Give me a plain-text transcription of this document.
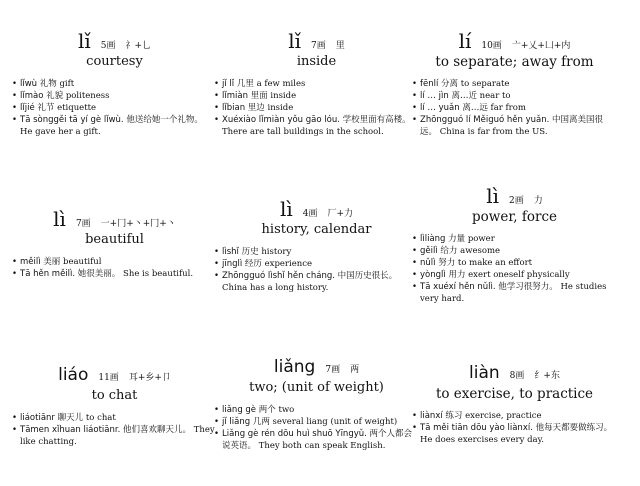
lǐ 5画 礻+乚
courtesy
• lǐwù 礼物 gift
• lǐmào 礼貌 politeness
• lǐjié 礼节 etiquette
• Tā sònggěi tā yí gè lǐwù. 他送给她一个礼物。 He gave her a gift.
lǐ 7画 里
inside
• jǐ lǐ 几里 a few miles
• lǐmiàn 里面 inside
• lǐbian 里边 inside
• Xuéxiào lǐmiàn yǒu gāo lóu. 学校里面有高楼。 There are tall buildings in the school.
lí 10画 亠+乂+凵+内
to separate; away from
• fēnlí 分离 to separate
• lí … jìn 离…近 near to
• lí … yuǎn 离…远 far from
• Zhōngguó lí Měiguó hěn yuǎn. 中国离美国很远。 China is far from the US.
lì 7画 一+冂+丶+冂+丶
beautiful
• měilì 美丽 beautiful
• Tā hěn měilì. 她很美丽。 She is beautiful.
lì 4画 厂+力
history, calendar
• lìshǐ 历史 history
• jīnglì 经历 experience
• Zhōngguó lìshǐ hěn cháng. 中国历史很长。 China has a long history.
lì 2画 力
power, force
• lìliàng 力量 power
• gěilì 给力 awesome
• nǔlì 努力 to make an effort
• yònglì 用力 exert oneself physically
• Tā xuéxí hěn nǔlì. 他学习很努力。 He studies very hard.
liáo 11画 耳+乡+卩
to chat
• liáotiānr 聊天儿 to chat
• Tāmen xǐhuan liáotiānr. 他们喜欢聊天儿。 They like chatting.
liǎng 7画 两
two; (unit of weight)
• liǎng gè 两个 two
• jǐ liǎng 几两 several liang (unit of weight)
• Liǎng gè rén dōu huì shuō Yīngyǔ. 两个人都会说英语。 They both can speak English.
liàn 8画 纟+东
to exercise, to practice
• liànxí 练习 exercise, practice
• Tā měi tiān dōu yào liànxí. 他每天都要做练习。 He does exercises every day.
